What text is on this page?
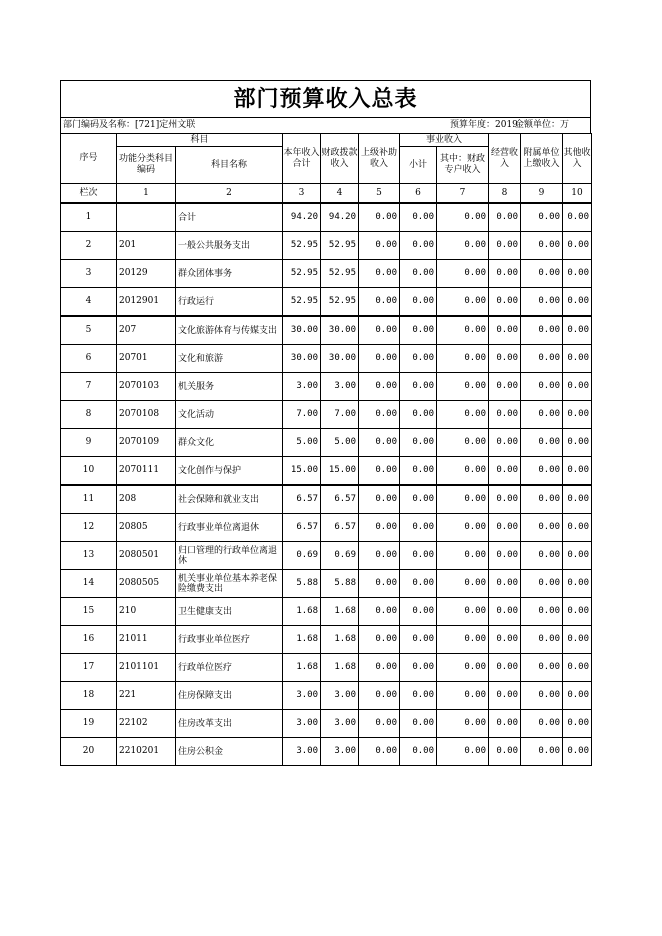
部门预算收入总表
部门编码及名称：[721]定州文联	预算年度：2019
金额单位：万
序号	科目		本年收入合计	财政拨款收入	上级补助收入	事业收入		经营收入	附属单位上缴收入	其他收入
	功能分类科目编码	科目名称				小计	其中：财政专户收入			
栏次	1	2	3	4	5	6	7	8	9	10
1		合计	94.20	94.20	0.00	0.00	0.00	0.00	0.00	0.00
2	201	一般公共服务支出	52.95	52.95	0.00	0.00	0.00	0.00	0.00	0.00
3	20129	群众团体事务	52.95	52.95	0.00	0.00	0.00	0.00	0.00	0.00
4	2012901	行政运行	52.95	52.95	0.00	0.00	0.00	0.00	0.00	0.00
5	207	文化旅游体育与传媒支出	30.00	30.00	0.00	0.00	0.00	0.00	0.00	0.00
6	20701	文化和旅游	30.00	30.00	0.00	0.00	0.00	0.00	0.00	0.00
7	2070103	机关服务	3.00	3.00	0.00	0.00	0.00	0.00	0.00	0.00
8	2070108	文化活动	7.00	7.00	0.00	0.00	0.00	0.00	0.00	0.00
9	2070109	群众文化	5.00	5.00	0.00	0.00	0.00	0.00	0.00	0.00
10	2070111	文化创作与保护	15.00	15.00	0.00	0.00	0.00	0.00	0.00	0.00
11	208	社会保障和就业支出	6.57	6.57	0.00	0.00	0.00	0.00	0.00	0.00
12	20805	行政事业单位离退休	6.57	6.57	0.00	0.00	0.00	0.00	0.00	0.00
13	2080501	归口管理的行政单位离退休	0.69	0.69	0.00	0.00	0.00	0.00	0.00	0.00
14	2080505	机关事业单位基本养老保险缴费支出	5.88	5.88	0.00	0.00	0.00	0.00	0.00	0.00
15	210	卫生健康支出	1.68	1.68	0.00	0.00	0.00	0.00	0.00	0.00
16	21011	行政事业单位医疗	1.68	1.68	0.00	0.00	0.00	0.00	0.00	0.00
17	2101101	行政单位医疗	1.68	1.68	0.00	0.00	0.00	0.00	0.00	0.00
18	221	住房保障支出	3.00	3.00	0.00	0.00	0.00	0.00	0.00	0.00
19	22102	住房改革支出	3.00	3.00	0.00	0.00	0.00	0.00	0.00	0.00
20	2210201	住房公积金	3.00	3.00	0.00	0.00	0.00	0.00	0.00	0.00
